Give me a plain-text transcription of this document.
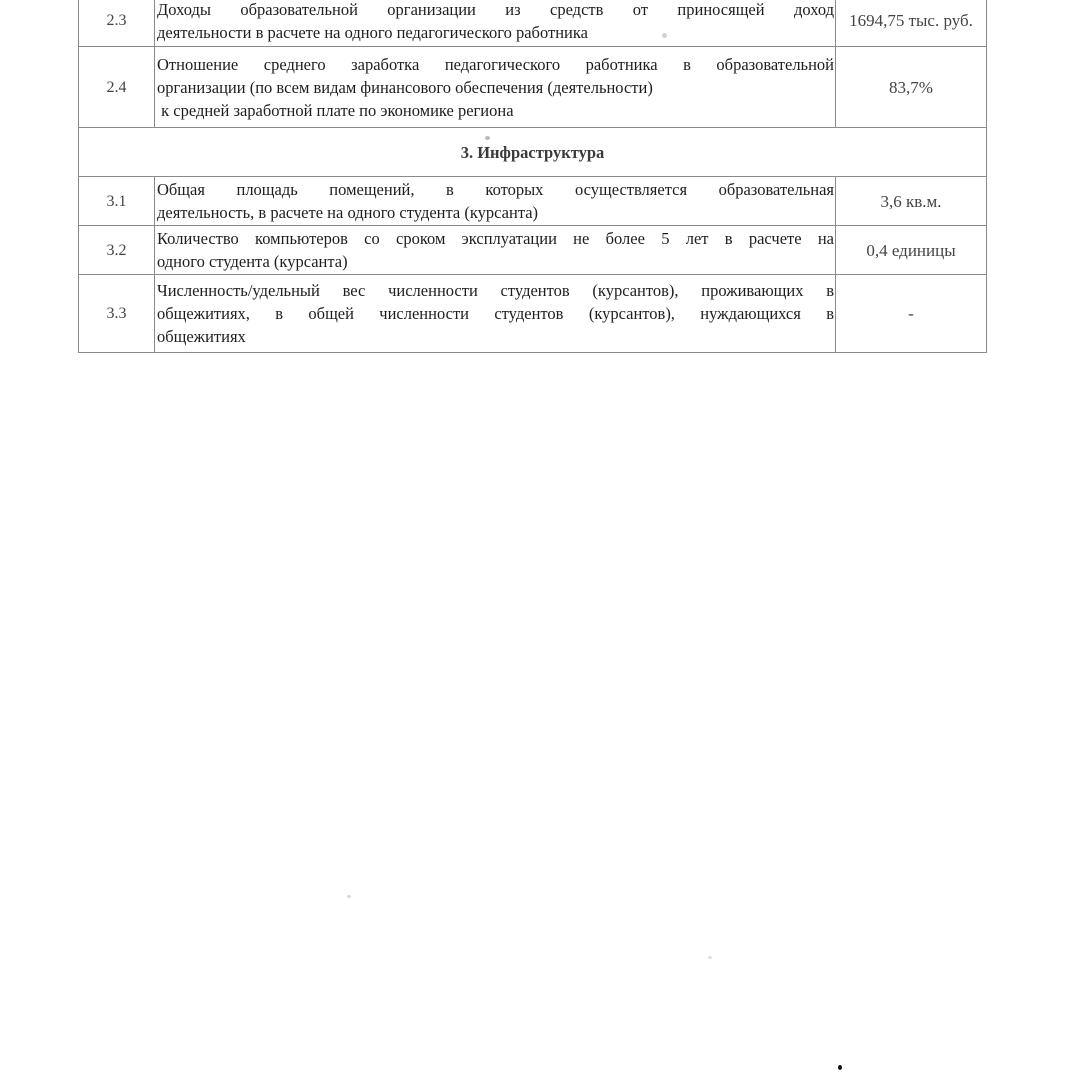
2.3	Доходы образовательной организации из средств от приносящей доход
деятельности в расчете на одного педагогического работника	1694,75 тыс. руб.
2.4	Отношение среднего заработка педагогического работника в образовательной
организации (по всем видам финансового обеспечения (деятельности)
к средней заработной плате по экономике региона	83,7%
3. Инфраструктура		
3.1	Общая площадь помещений, в которых осуществляется образовательная
деятельность, в расчете на одного студента (курсанта)	3,6 кв.м.
3.2	Количество компьютеров со сроком эксплуатации не более 5 лет в расчете на
одного студента (курсанта)	0,4 единицы
3.3	Численность/удельный вес численности студентов (курсантов), проживающих в
общежитиях, в общей численности студентов (курсантов), нуждающихся в
общежитиях	-
